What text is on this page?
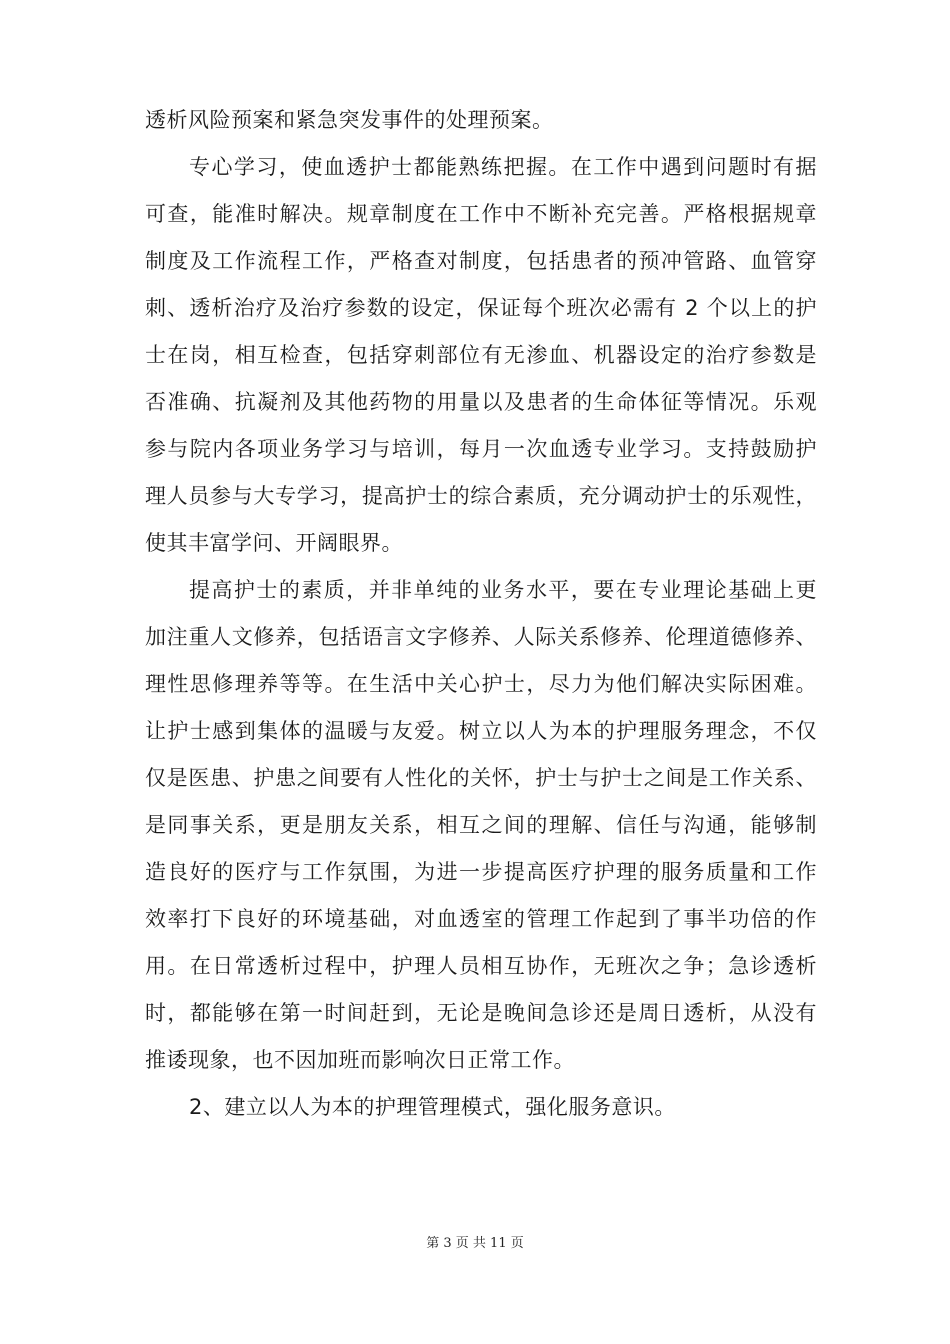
透析风险预案和紧急突发事件的处理预案。
专心学习，使血透护士都能熟练把握。在工作中遇到问题时有据
可查，能准时解决。规章制度在工作中不断补充完善。严格根据规章
制度及工作流程工作，严格查对制度，包括患者的预冲管路、血管穿
刺、透析治疗及治疗参数的设定，保证每个班次必需有 2 个以上的护
士在岗，相互检查，包括穿刺部位有无渗血、机器设定的治疗参数是
否准确、抗凝剂及其他药物的用量以及患者的生命体征等情况。乐观
参与院内各项业务学习与培训，每月一次血透专业学习。支持鼓励护
理人员参与大专学习，提高护士的综合素质，充分调动护士的乐观性，
使其丰富学问、开阔眼界。
提高护士的素质，并非单纯的业务水平，要在专业理论基础上更
加注重人文修养，包括语言文字修养、人际关系修养、伦理道德修养、
理性思修理养等等。在生活中关心护士，尽力为他们解决实际困难。
让护士感到集体的温暖与友爱。树立以人为本的护理服务理念，不仅
仅是医患、护患之间要有人性化的关怀，护士与护士之间是工作关系、
是同事关系，更是朋友关系，相互之间的理解、信任与沟通，能够制
造良好的医疗与工作氛围，为进一步提高医疗护理的服务质量和工作
效率打下良好的环境基础，对血透室的管理工作起到了事半功倍的作
用。在日常透析过程中，护理人员相互协作，无班次之争；急诊透析
时，都能够在第一时间赶到，无论是晚间急诊还是周日透析，从没有
推诿现象，也不因加班而影响次日正常工作。
2、建立以人为本的护理管理模式，强化服务意识。
第 3 页 共 11 页
